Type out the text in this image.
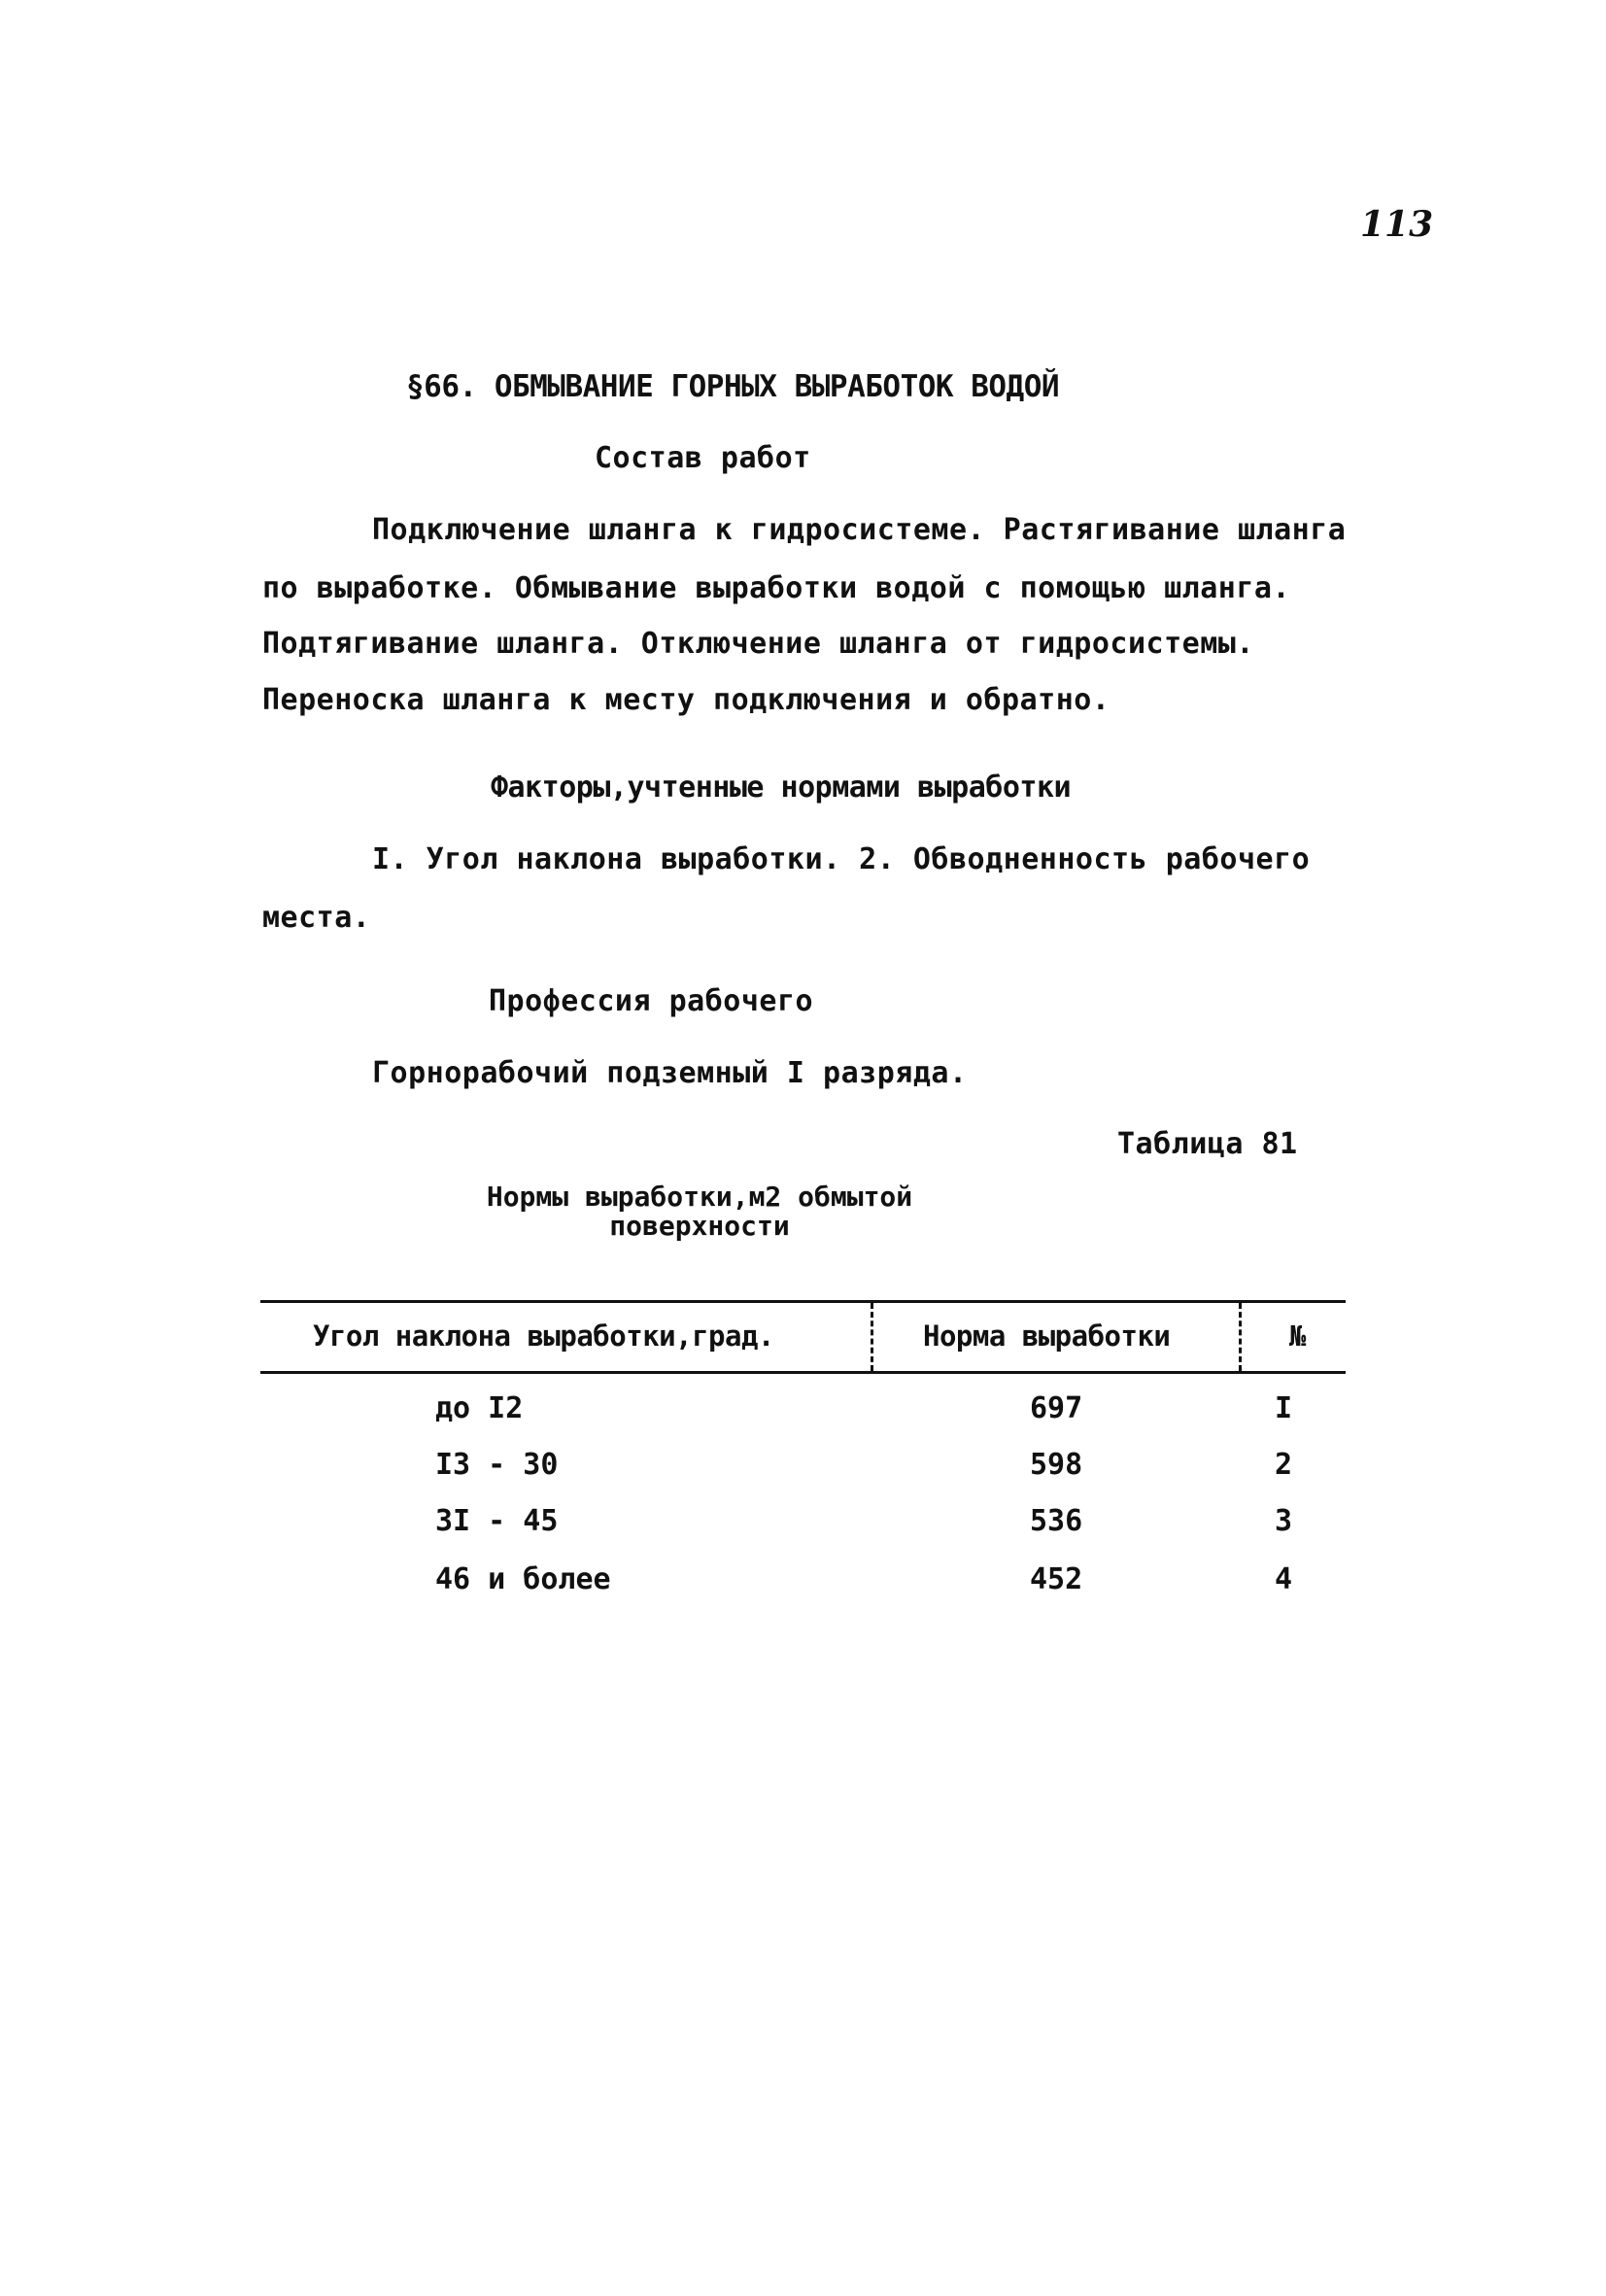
113
§66. ОБМЫВАНИЕ ГОРНЫХ ВЫРАБОТОК ВОДОЙ
Состав работ
Подключение шланга к гидросистеме. Растягивание шланга
по выработке. Обмывание выработки водой с помощью шланга.
Подтягивание шланга. Отключение шланга от гидросистемы.
Переноска шланга к месту подключения и обратно.
Факторы,учтенные нормами выработки
I. Угол наклона выработки. 2. Обводненность рабочего
места.
Профессия рабочего
Горнорабочий подземный I разряда.
Таблица 81
Нормы выработки,м2 обмытой поверхности
Угол наклона выработки,град.	Норма выработки	№
до I2	697	I
I3 - 30	598	2
3I - 45	536	3
46 и более	452	4
